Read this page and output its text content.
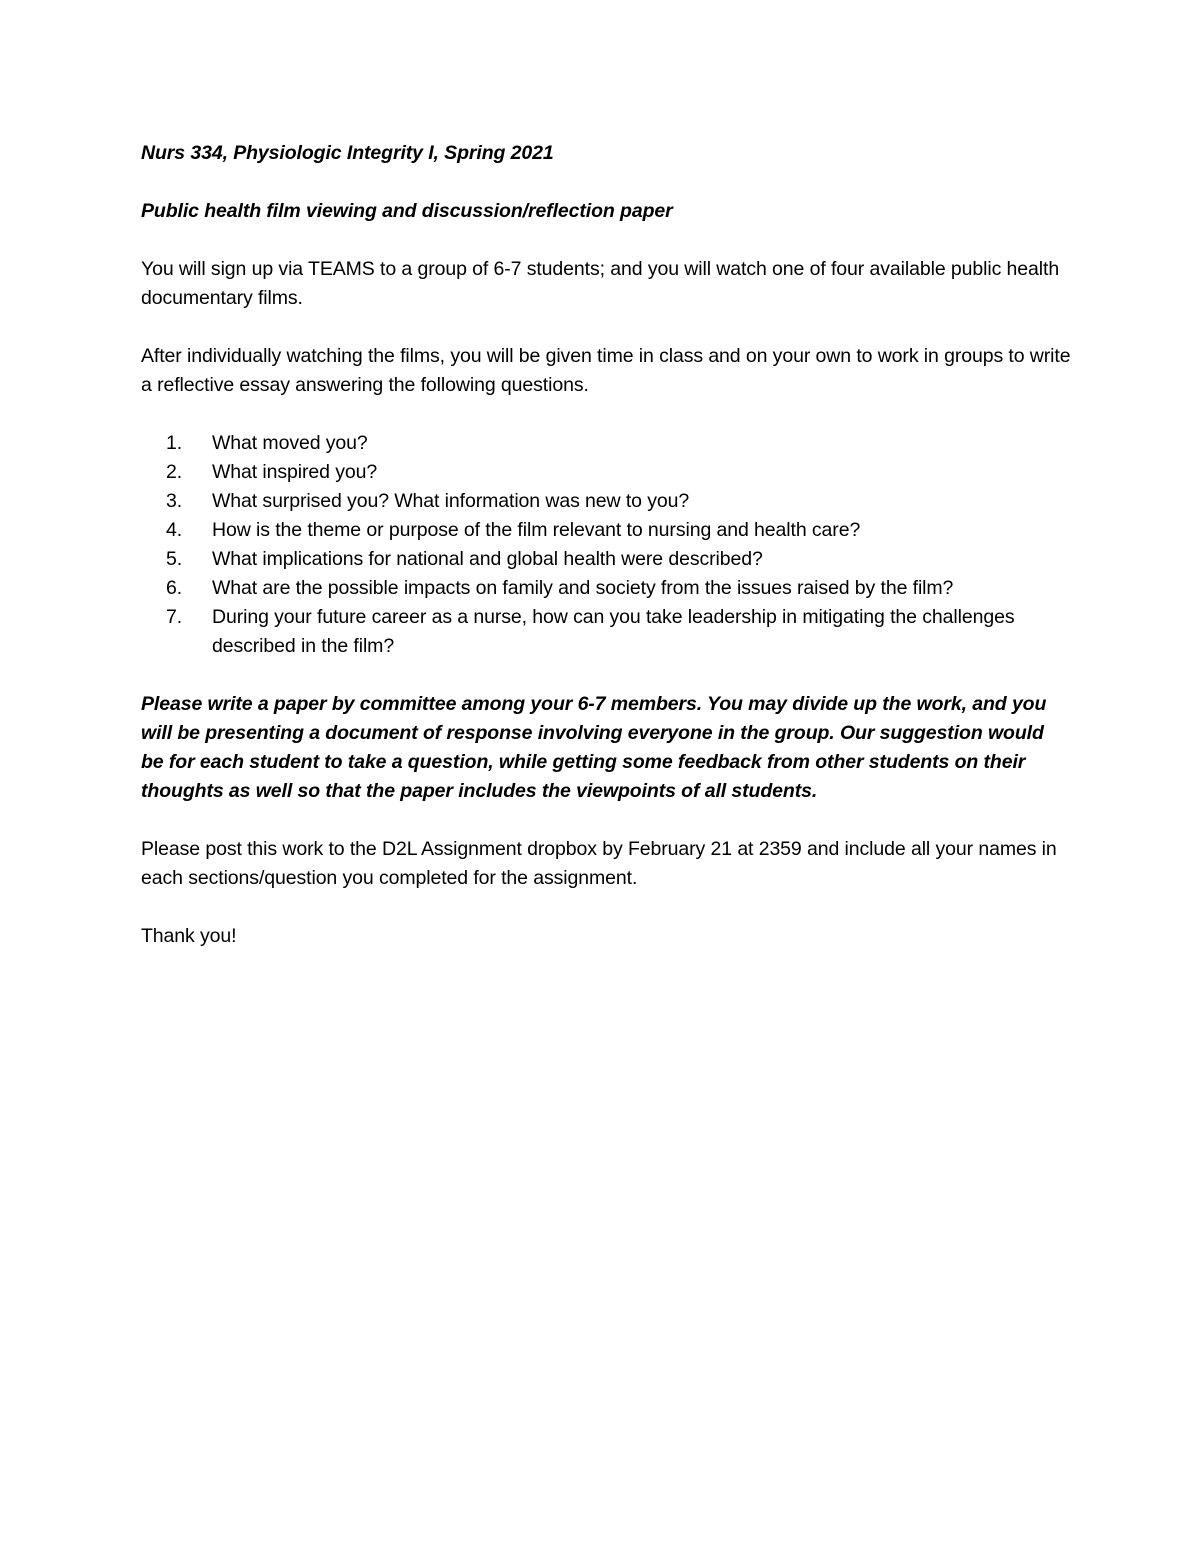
Nurs 334, Physiologic Integrity I, Spring 2021

Public health film viewing and discussion/reflection paper

You will sign up via TEAMS to a group of 6-7 students; and you will watch one of four available public health documentary films.

After individually watching the films, you will be given time in class and on your own to work in groups to write a reflective essay answering the following questions.

1.	What moved you?
2.	What inspired you?
3.	What surprised you? What information was new to you?
4.	How is the theme or purpose of the film relevant to nursing and health care?
5.	What implications for national and global health were described?
6.	What are the possible impacts on family and society from the issues raised by the film?
7.	During your future career as a nurse, how can you take leadership in mitigating the challenges described in the film?

Please write a paper by committee among your 6-7 members. You may divide up the work, and you will be presenting a document of response involving everyone in the group. Our suggestion would be for each student to take a question, while getting some feedback from other students on their thoughts as well so that the paper includes the viewpoints of all students.

Please post this work to the D2L Assignment dropbox by February 21 at 2359 and include all your names in each sections/question you completed for the assignment.

Thank you!
